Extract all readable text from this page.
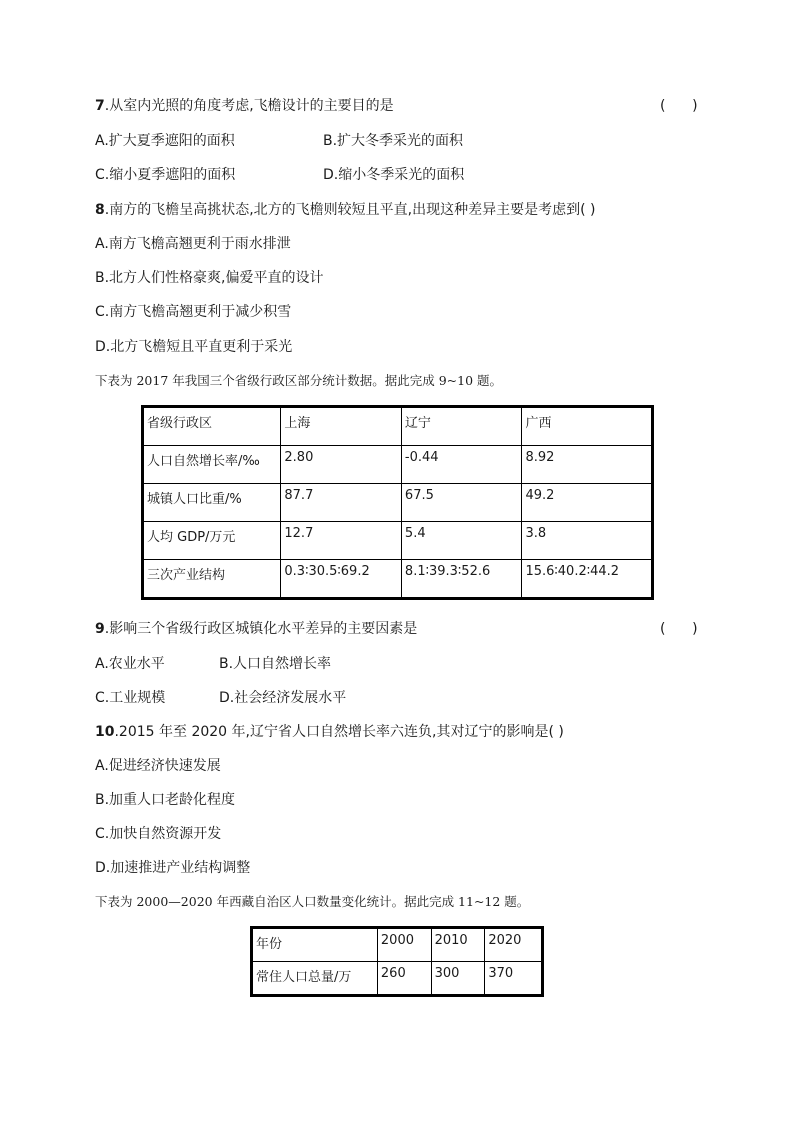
7.从室内光照的角度考虑,飞檐设计的主要目的是	(      )
A.扩大夏季遮阳的面积	B.扩大冬季采光的面积
C.缩小夏季遮阳的面积	D.缩小冬季采光的面积
8.南方的飞檐呈高挑状态,北方的飞檐则较短且平直,出现这种差异主要是考虑到( )
A.南方飞檐高翘更利于雨水排泄
B.北方人们性格豪爽,偏爱平直的设计
C.南方飞檐高翘更利于减少积雪
D.北方飞檐短且平直更利于采光
下表为 2017 年我国三个省级行政区部分统计数据。据此完成 9~10 题。
省级行政区	上海	辽宁	广西
人口自然增长率/‰	2.80	-0.44	8.92
城镇人口比重/%	87.7	67.5	49.2
人均 GDP/万元	12.7	5.4	3.8
三次产业结构	0.3∶30.5∶69.2	8.1∶39.3∶52.6	15.6∶40.2∶44.2
9.影响三个省级行政区城镇化水平差异的主要因素是	(      )
A.农业水平	B.人口自然增长率
C.工业规模	D.社会经济发展水平
10.2015 年至 2020 年,辽宁省人口自然增长率六连负,其对辽宁的影响是( )
A.促进经济快速发展
B.加重人口老龄化程度
C.加快自然资源开发
D.加速推进产业结构调整
下表为 2000—2020 年西藏自治区人口数量变化统计。据此完成 11~12 题。
年份	2000	2010	2020
常住人口总量/万	260	300	370
